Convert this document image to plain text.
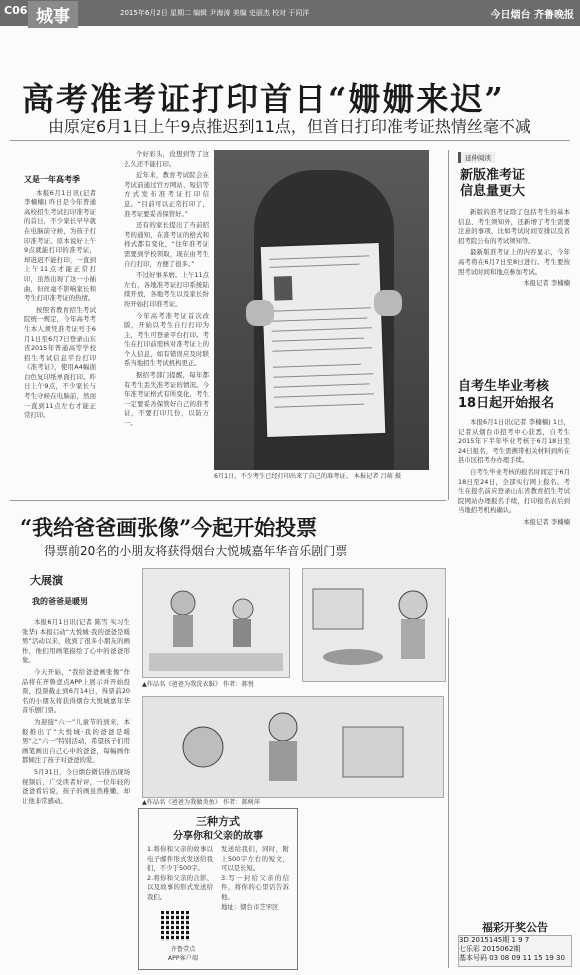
C06 城事	2015年6月2日 星期二 编辑 尹海涛 美编 史丽杰 校对 于同洋	今日烟台 齐鲁晚报
高考准考证打印首日“姗姗来迟”
由原定6月1日上午9点推迟到11点，但首日打印准考证热情丝毫不减
又是一年高考季

本报6月1日讯(记者 李楠楠) 昨日是今年普通高校招生考试打印准考证的首日，不少家长早早就在电脑前守候，为孩子打印准考证。原本说好上午9点就能打印的准考证，却迟迟不能打印，一直到上午11点才能正常打印，虽然出现了这一小插曲，但丝毫不影响家长和考生打印准考证的热情。

按照省教育招生考试院统一规定，今年高考考生本人须凭准考证号于6月1日至6月7日登录山东省2015年普通高等学校招生考试信息平台打印《准考证》，使用A4幅面白色复印纸单面打印。昨日上午9点，不少家长与考生守候在电脑前，然而一直到11点左右才能正常打印。

个好彩头，没想到等了这么久还不能打印。

近年来，教育考试院会在考试前通过官方网站、短信等方式发布准考证打印信息。“目前可以正常打印了，准考证要妥善保管好。”

还有的家长提出了当前招考的通知，在准考证的格式和样式都有变化，“往年准考证需要到学校领取，现在由考生自行打印，方便了很多。”

不过好事多磨。上午11点左右，各地准考证打印系统陆续开放，各地考生以及家长纷纷开始打印准考证。

今年高考准考证首次改版，开始以考生自行打印为主，考生可登录平台打印。考生在打印前需核对准考证上的个人信息，如有错误应及时联系当地招生考试机构更正。

据招考部门提醒，每年都有考生丢失准考证的情况。今年准考证格式有所变化，考生一定要妥善保管好自己的准考证，不要打印几份，以防万一。

6月1日，不少考生已经打印出来了自己的准考证。 本报记者 吕萌 摄
延伸阅读
新版准考证
信息量更大

新版的准考证除了包括考生的基本信息、考生须知外，还新增了考生需要注意的事项，比如考试时间安排以及省招考院公布的考试须知等。

最新版准考证上的内容显示，今年高考将在6月7日至8日进行。考生要按照考试时间和地点参加考试。

本报记者 李楠楠
自考生毕业考核
18日起开始报名

本报6月1日讯(记者 李楠楠) 1日，记者从烟台市招考中心获悉，自考生2015年下半年毕业考核于6月18日至24日报名，考生需携带相关材料到所在县市区招考办办理手续。

自考生毕业考核的报名时间定于6月18日至24日，全部实行网上报名。考生在报名前应登录山东省教育招生考试院网站办理报名手续，打印报名表后到当地招考机构确认。

本报记者 李楠楠
“我给爸爸画张像”今起开始投票
得票前20名的小朋友将获得烟台大悦城嘉年华音乐剧门票
大展演
我的爸爸是暖男

本报6月1日讯(记者 陈雪 实习生 张华) 本报启动“大悦城·我的爸爸是暖男”活动以来，收到了很多小朋友的画作，他们用画笔描绘了心中的爸爸形象。

今天开始，“我给爸爸画张像”作品将在齐鲁壹点APP上展示并开始投票，投票截止到6月14日，得票前20名的小朋友将获得烟台大悦城嘉年华音乐剧门票。

为迎接“六一”儿童节的到来，本报推出了“大悦城·我的爸爸是暖男”之“六一”特别活动，希望孩子们用画笔画出自己心中的爸爸，每幅画作都倾注了孩子对爸爸的爱。

5月31日，今日烟台微信推出现场视频后，广受读者好评，一位年轻的爸爸看后说，孩子的画虽然稚嫩，却让他非常感动。

▲作品名《爸爸为我洗衣服》 作者：郝悦
▲作品名《爸爸为我做炎鱼》 作者：郝树萍
三种方式
分享你和父亲的故事
1.将你和父亲的故事以电子邮件形式发送给我们，不少于500字。
2.将你和父亲的合影、以及故事的形式发送给我们。
发送给我们，同时，附上500字左右的短文，可以是长短。
3.写一封给父亲的信件，将你的心里话告诉他。
地址：烟台市芝罘区
齐鲁壹点
APP客户端
福彩开奖公告
3D 2015145期 1 9 7
七乐彩 2015062期
基本号码 03 08 09 11 15 19 30
